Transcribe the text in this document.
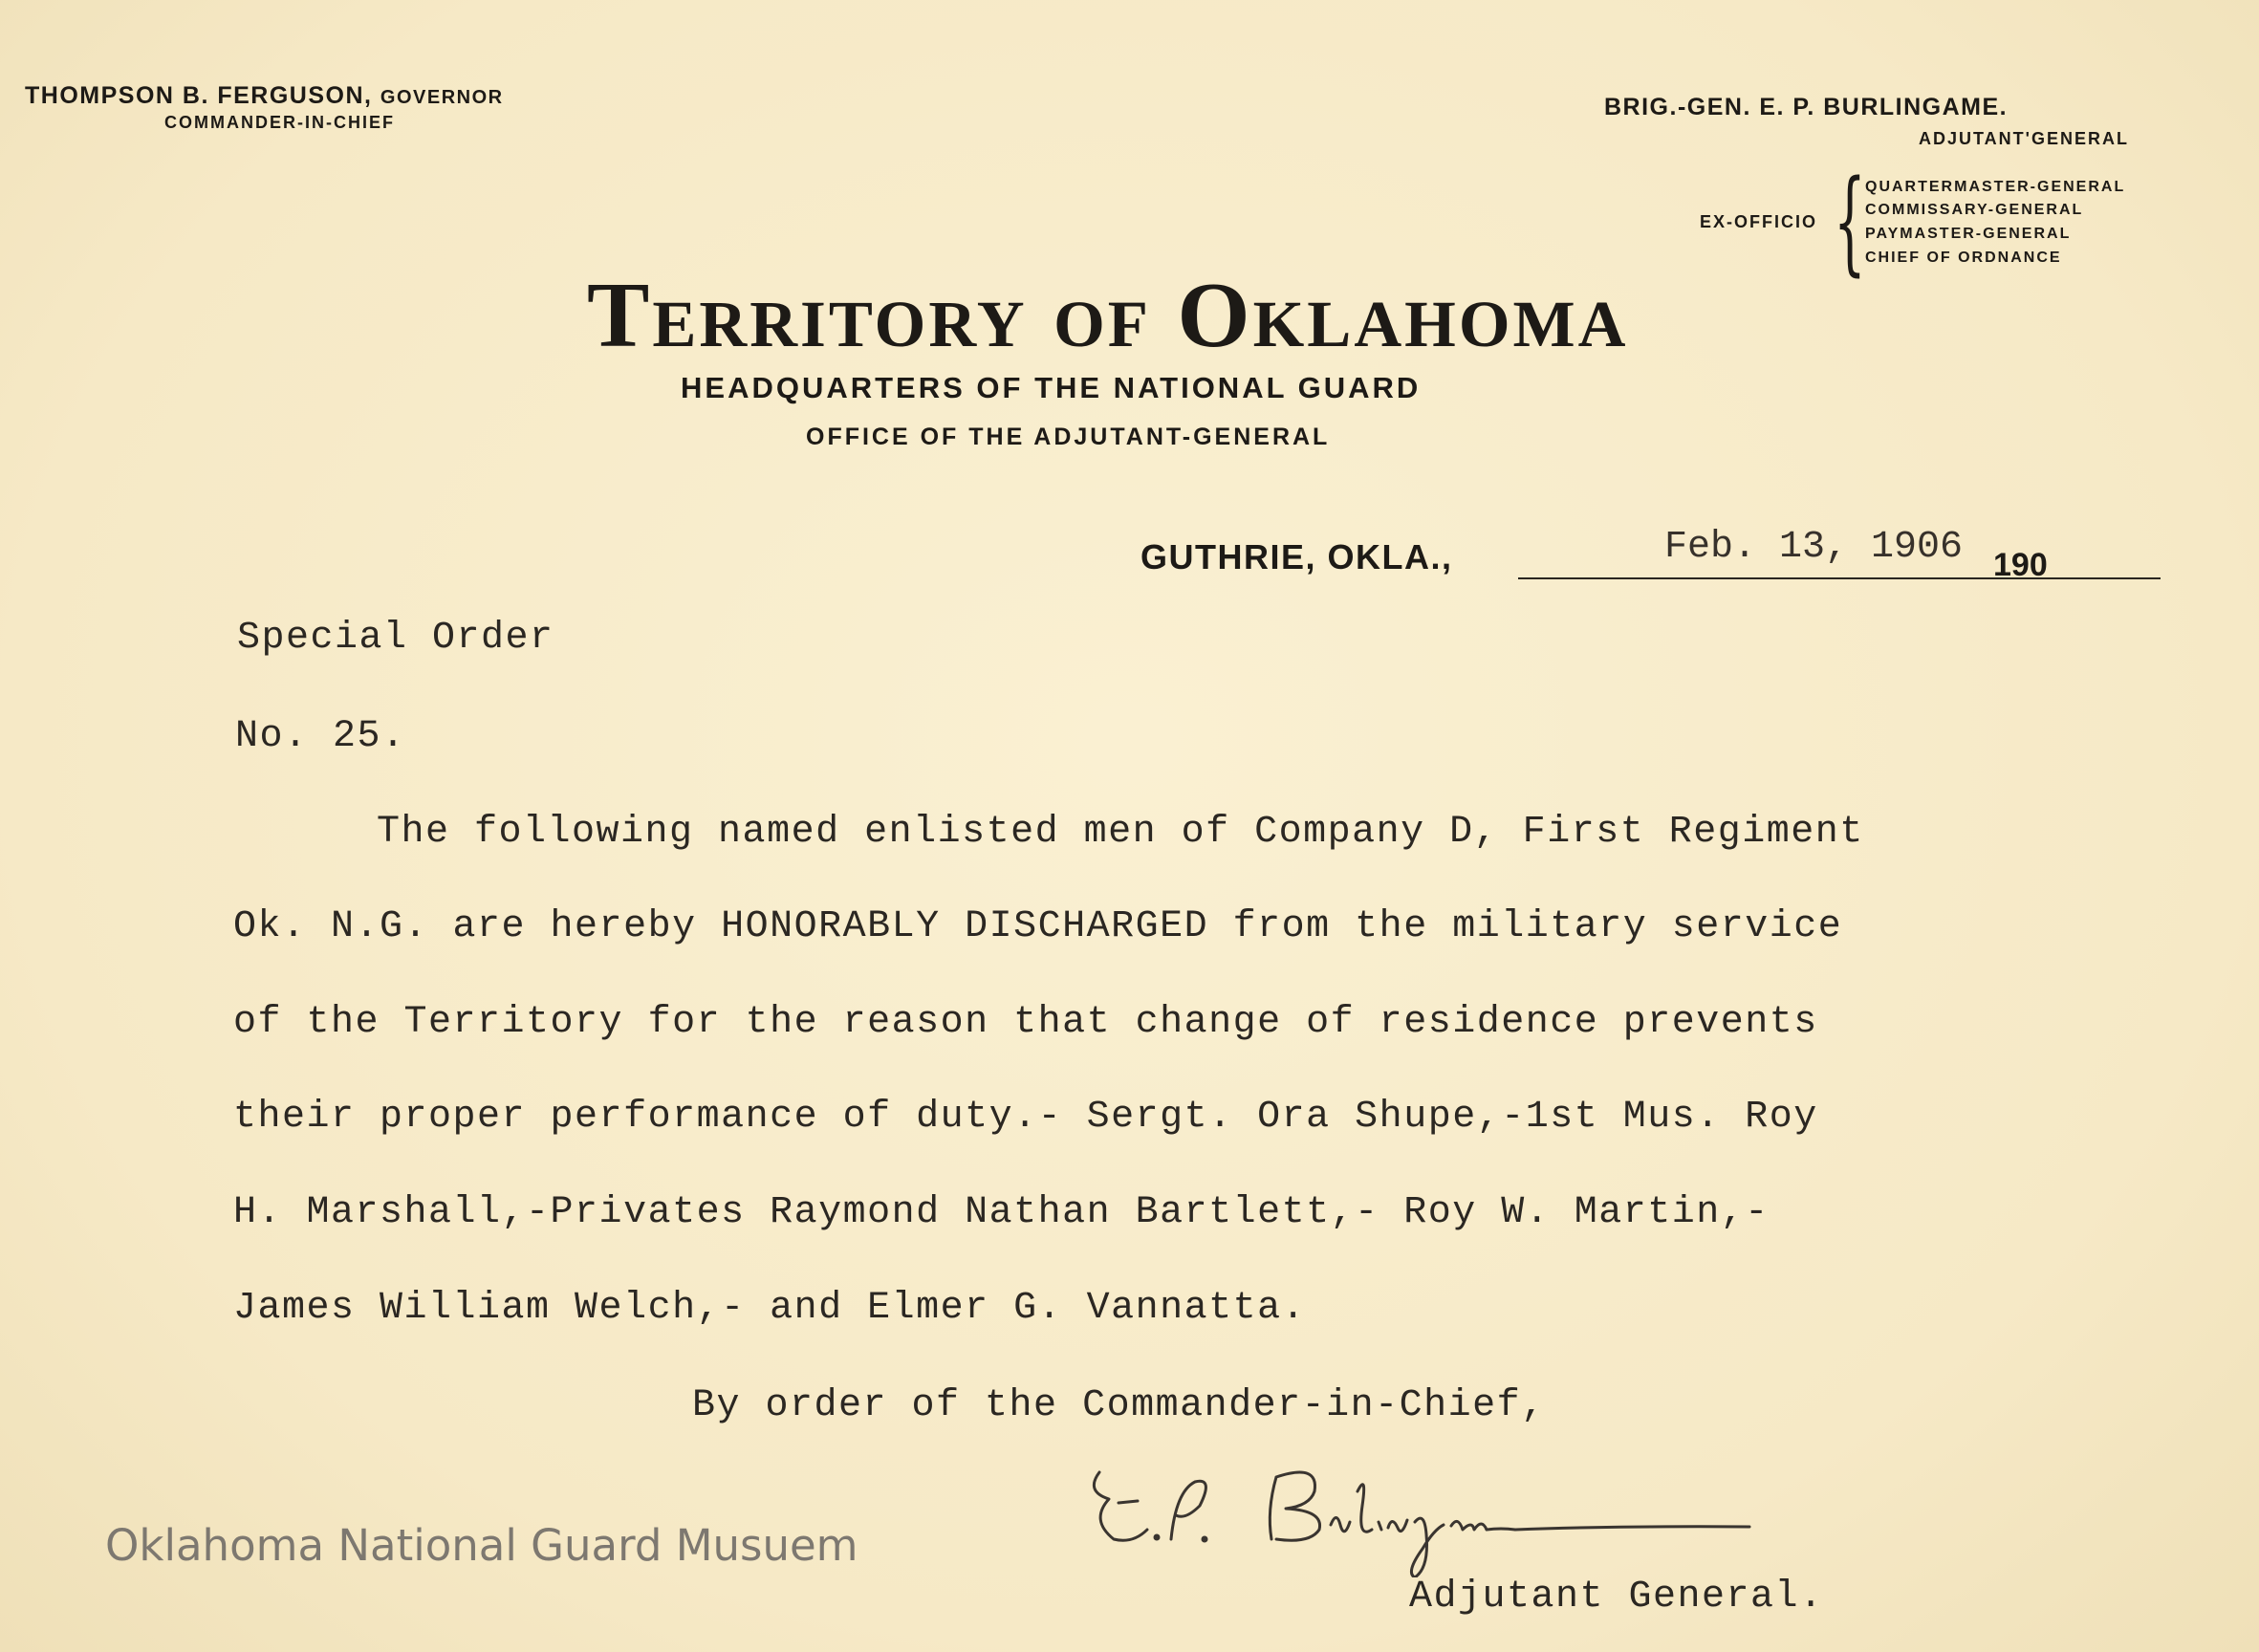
THOMPSON B. FERGUSON, GOVERNOR
COMMANDER-IN-CHIEF
BRIG.-GEN. E. P. BURLINGAME.
ADJUTANT'GENERAL
EX-OFFICIO { QUARTERMASTER-GENERAL
COMMISSARY-GENERAL
PAYMASTER-GENERAL
CHIEF OF ORDNANCE
Territory of Oklahoma
HEADQUARTERS OF THE NATIONAL GUARD
OFFICE OF THE ADJUTANT-GENERAL
GUTHRIE, OKLA.,	Feb. 13, 1906 190
Special Order
No. 25.
The following named enlisted men of Company D, First Regiment
Ok. N.G. are hereby HONORABLY DISCHARGED from the military service
of the Territory for the reason that change of residence prevents
their proper performance of duty.- Sergt. Ora Shupe,-1st Mus. Roy
H. Marshall,-Privates Raymond Nathan Bartlett,- Roy W. Martin,-
James William Welch,- and Elmer G. Vannatta.
By order of the Commander-in-Chief,
Adjutant General.
Oklahoma National Guard Musuem
